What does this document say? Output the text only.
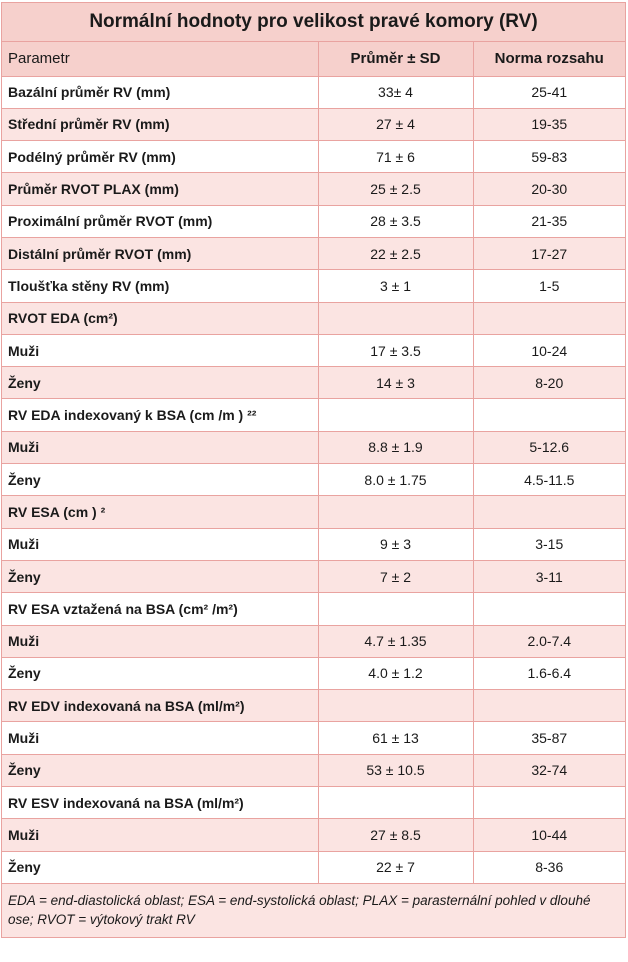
Normální hodnoty pro velikost pravé komory (RV)
Parametr	Průměr ± SD	Norma rozsahu
Bazální průměr RV (mm)	33± 4	25-41
Střední průměr RV (mm)	27 ± 4	19-35
Podélný průměr RV (mm)	71 ± 6	59-83
Průměr RVOT PLAX (mm)	25 ± 2.5	20-30
Proximální průměr RVOT (mm)	28 ± 3.5	21-35
Distální průměr RVOT (mm)	22 ± 2.5	17-27
Tloušťka stěny RV (mm)	3 ± 1	1-5
RVOT EDA (cm²)		
Muži	17 ± 3.5	10-24
Ženy	14 ± 3	8-20
RV EDA indexovaný k BSA (cm /m ) ²²		
Muži	8.8 ± 1.9	5-12.6
Ženy	8.0 ± 1.75	4.5-11.5
RV ESA (cm ) ²		
Muži	9 ± 3	3-15
Ženy	7 ± 2	3-11
RV ESA vztažená na BSA (cm² /m²)		
Muži	4.7 ± 1.35	2.0-7.4
Ženy	4.0 ± 1.2	1.6-6.4
RV EDV indexovaná na BSA (ml/m²)		
Muži	61 ± 13	35-87
Ženy	53 ± 10.5	32-74
RV ESV indexovaná na BSA (ml/m²)		
Muži	27 ± 8.5	10-44
Ženy	22 ± 7	8-36
EDA = end-diastolická oblast; ESA = end-systolická oblast; PLAX = parasternální pohled v dlouhé ose; RVOT = výtokový trakt RV
